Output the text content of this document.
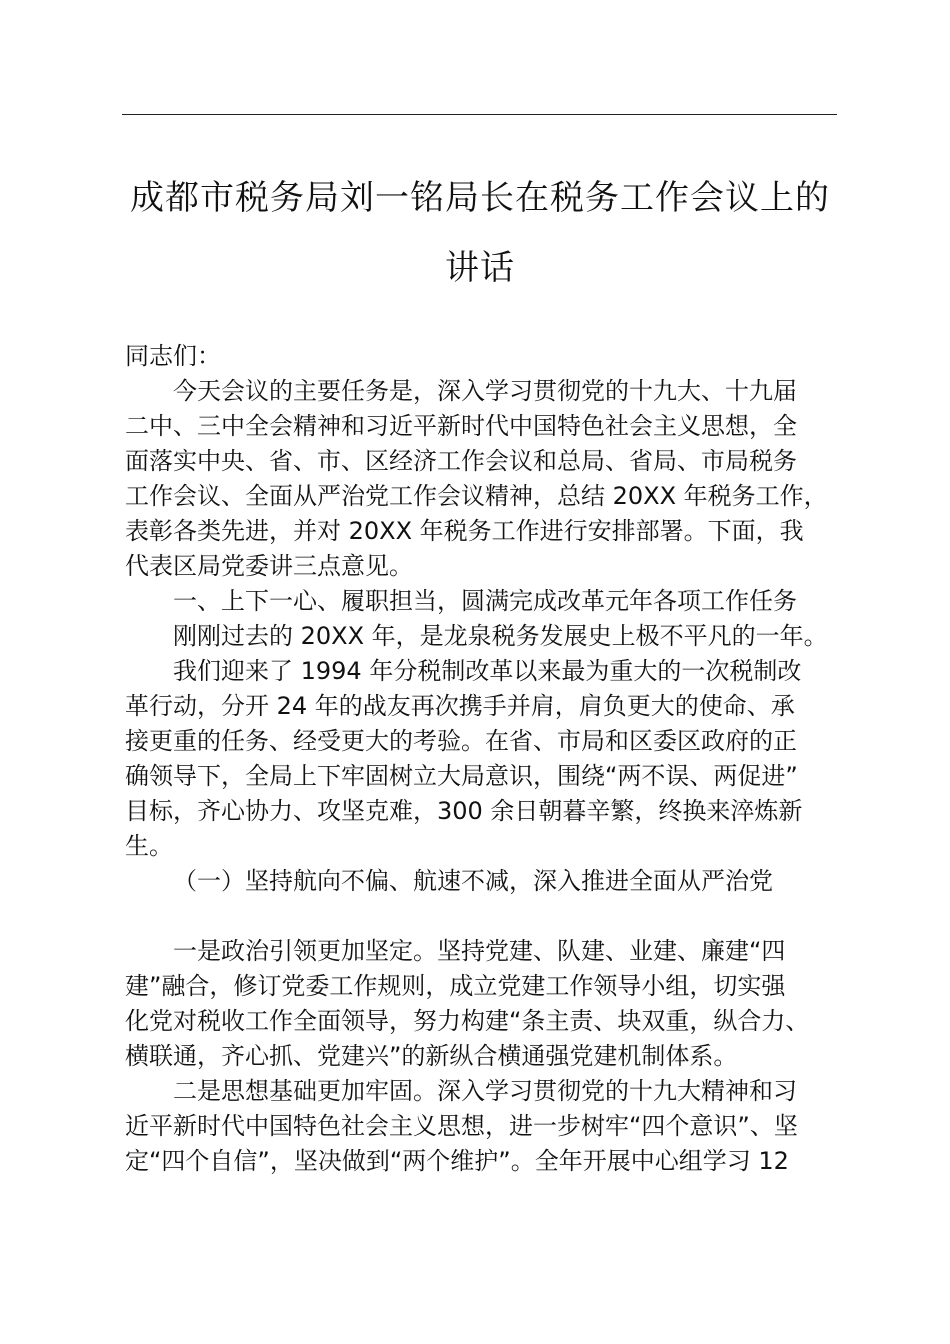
成都市税务局刘一铭局长在税务工作会议上的
讲话
同志们：
今天会议的主要任务是，深入学习贯彻党的十九大、十九届
二中、三中全会精神和习近平新时代中国特色社会主义思想，全
面落实中央、省、市、区经济工作会议和总局、省局、市局税务
工作会议、全面从严治党工作会议精神，总结 20XX 年税务工作，
表彰各类先进，并对 20XX 年税务工作进行安排部署。下面，我
代表区局党委讲三点意见。
一、上下一心、履职担当，圆满完成改革元年各项工作任务
刚刚过去的 20XX 年，是龙泉税务发展史上极不平凡的一年。
我们迎来了 1994 年分税制改革以来最为重大的一次税制改
革行动，分开 24 年的战友再次携手并肩，肩负更大的使命、承
接更重的任务、经受更大的考验。在省、市局和区委区政府的正
确领导下，全局上下牢固树立大局意识，围绕“两不误、两促进”
目标，齐心协力、攻坚克难，300 余日朝暮辛繁，终换来淬炼新
生。
（一）坚持航向不偏、航速不减，深入推进全面从严治党
一是政治引领更加坚定。坚持党建、队建、业建、廉建“四
建”融合，修订党委工作规则，成立党建工作领导小组，切实强
化党对税收工作全面领导，努力构建“条主责、块双重，纵合力、
横联通，齐心抓、党建兴”的新纵合横通强党建机制体系。
二是思想基础更加牢固。深入学习贯彻党的十九大精神和习
近平新时代中国特色社会主义思想，进一步树牢“四个意识”、坚
定“四个自信”，坚决做到“两个维护”。全年开展中心组学习 12
